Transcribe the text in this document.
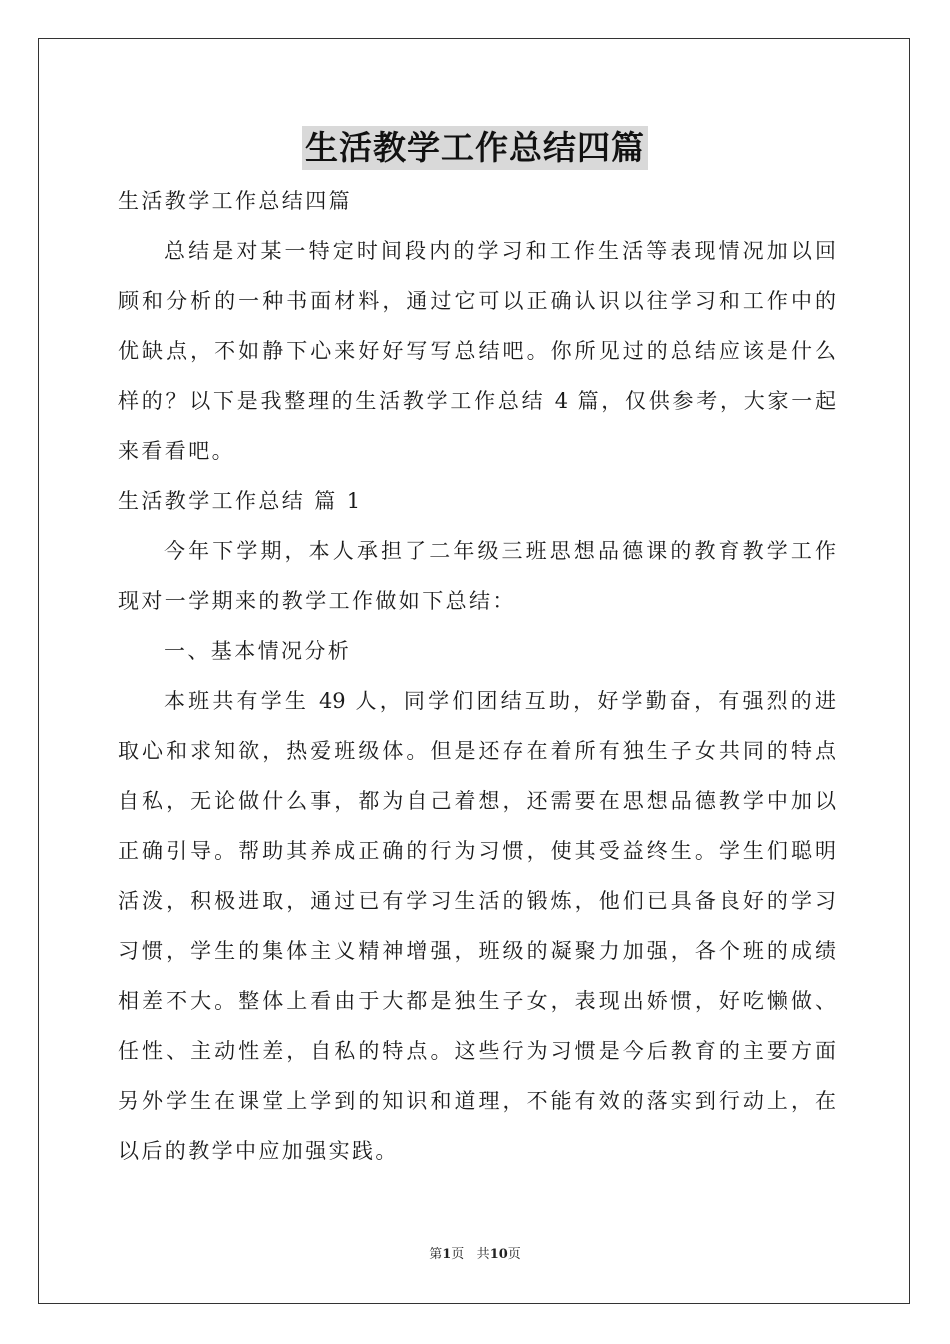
生活教学工作总结四篇
生活教学工作总结四篇
总结是对某一特定时间段内的学习和工作生活等表现情况加以回
顾和分析的一种书面材料，通过它可以正确认识以往学习和工作中的
优缺点，不如静下心来好好写写总结吧。你所见过的总结应该是什么
样的？以下是我整理的生活教学工作总结 4 篇，仅供参考，大家一起
来看看吧。
生活教学工作总结 篇 1
今年下学期，本人承担了二年级三班思想品德课的教育教学工作
现对一学期来的教学工作做如下总结：
一、基本情况分析
本班共有学生 49 人，同学们团结互助，好学勤奋，有强烈的进
取心和求知欲，热爱班级体。但是还存在着所有独生子女共同的特点
自私，无论做什么事，都为自己着想，还需要在思想品德教学中加以
正确引导。帮助其养成正确的行为习惯，使其受益终生。学生们聪明
活泼，积极进取，通过已有学习生活的锻炼，他们已具备良好的学习
习惯，学生的集体主义精神增强，班级的凝聚力加强，各个班的成绩
相差不大。整体上看由于大都是独生子女，表现出娇惯，好吃懒做、
任性、主动性差，自私的特点。这些行为习惯是今后教育的主要方面
另外学生在课堂上学到的知识和道理，不能有效的落实到行动上，在
以后的教学中应加强实践。
第1页 共10页
